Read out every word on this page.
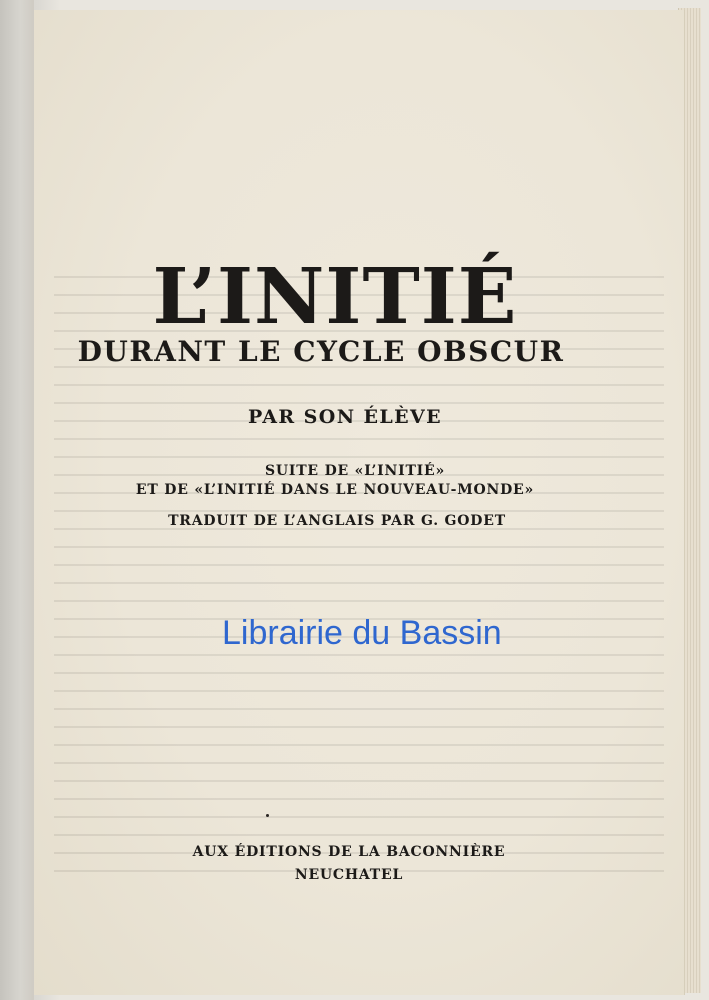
L’INITIÉ
DURANT LE CYCLE OBSCUR
PAR SON ÉLÈVE
SUITE DE «L’INITIÉ»
ET DE «L’INITIÉ DANS LE NOUVEAU-MONDE»
TRADUIT DE L’ANGLAIS PAR G. GODET
AUX ÉDITIONS DE LA BACONNIÈRE
NEUCHATEL
Librairie du Bassin
